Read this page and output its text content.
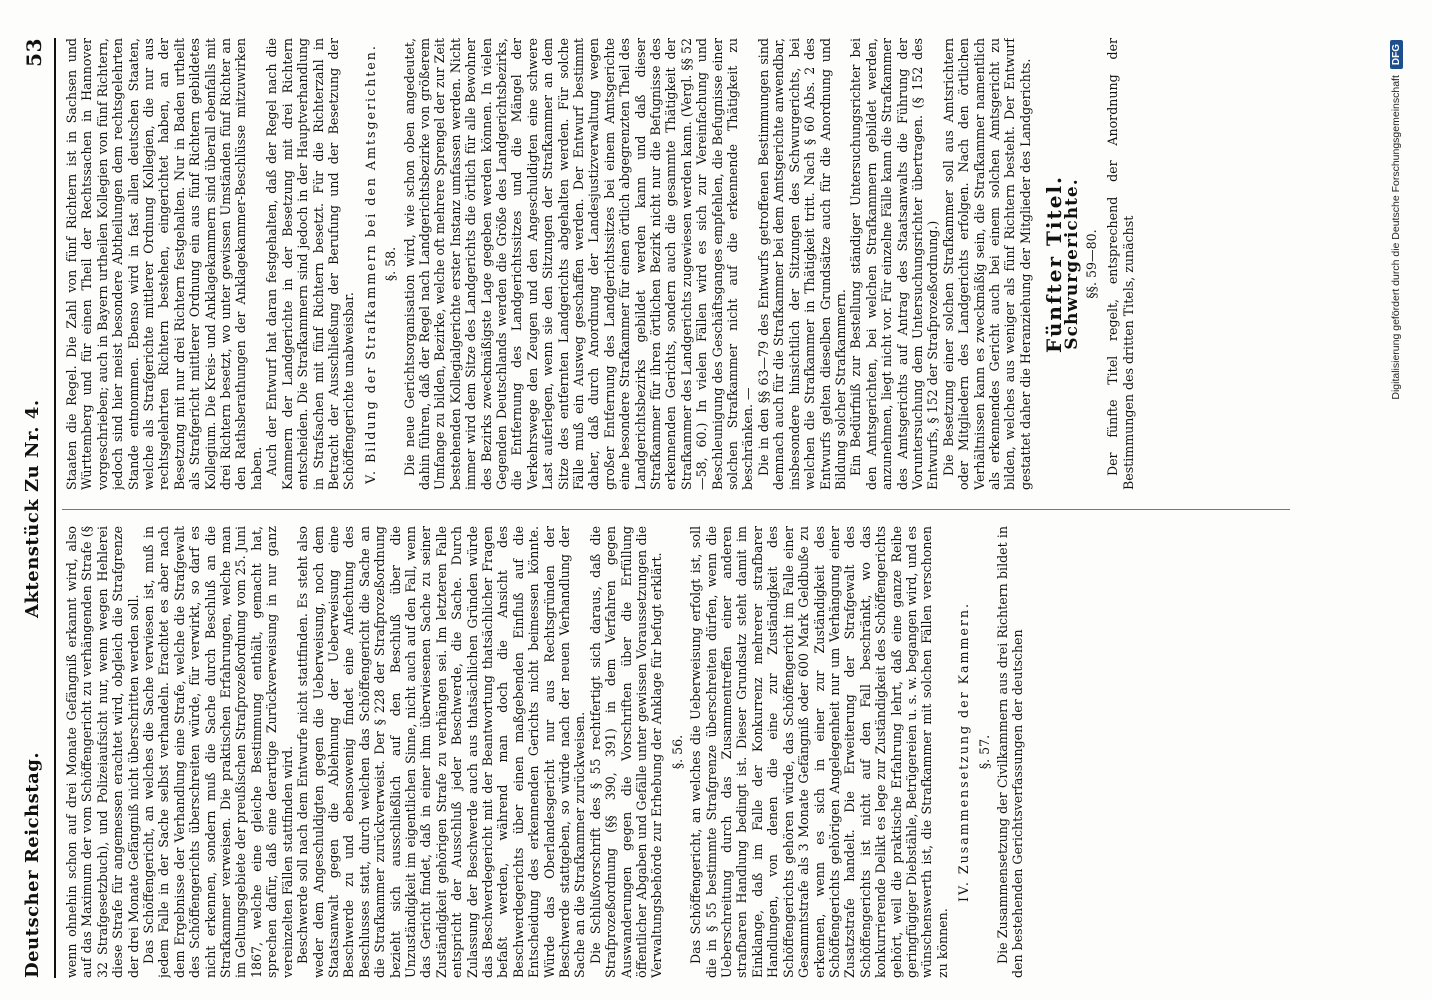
Deutscher Reichstag.
Aktenstück Zu Nr. 4.
53

wenn ohnehin schon auf drei Monate Gefängniß erkannt wird, also auf das Maximum der vom Schöffengericht zu verhängenden Strafe (§ 32 Strafgesetzbuch), und Polizeiaufsicht nur, wenn wegen Hehlerei diese Strafe für angemessen erachtet wird, obgleich die Strafgrenze der drei Monate Gefängniß nicht überschritten werden soll. Das Schöffengericht, an welches die Sache verwiesen ist, muß in jedem Falle in der Sache selbst verhandeln. Erachtet es aber nach dem Ergebnisse der Verhandlung eine Strafe, welche die Strafgewalt des Schöffengerichts überschreiten würde, für verwirkt, so darf es nicht erkennen, sondern muß die Sache durch Beschluß an die Strafkammer verweisen. Die praktischen Erfahrungen, welche man im Geltungsgebiete der preußischen Strafprozeßordnung vom 25. Juni 1867, welche eine gleiche Bestimmung enthält, gemacht hat, sprechen dafür, daß eine derartige Zurückverweisung in nur ganz vereinzelten Fällen stattfinden wird. Beschwerde soll nach dem Entwurfe nicht stattfinden. Es steht also weder dem Angeschuldigten gegen die Ueberweisung, noch dem Staatsanwalt gegen die Ablehnung der Ueberweisung eine Beschwerde zu und ebensowenig findet eine Anfechtung des Beschlusses statt, durch welchen das Schöffengericht die Sache an die Strafkammer zurückverweist. Der § 228 der Strafprozeßordnung bezieht sich ausschließlich auf den Beschluß über die Unzuständigkeit im eigentlichen Sinne, nicht auch auf den Fall, wenn das Gericht findet, daß in einer ihm überwiesenen Sache zu seiner Zuständigkeit gehörigen Strafe zu verhängen sei. Im letzteren Falle entspricht der Ausschluß jeder Beschwerde, die Sache. Durch Zulassung der Beschwerde auch aus thatsächlichen Gründen würde das Beschwerdegericht mit der Beantwortung thatsächlicher Fragen befaßt werden, während man doch die Ansicht des Beschwerdegerichts über einen maßgebenden Einfluß auf die Entscheidung des erkennenden Gerichts nicht beimessen könnte. Würde das Oberlandesgericht nur aus Rechtsgründen der Beschwerde stattgeben, so würde nach der neuen Verhandlung der Sache an die Strafkammer zurückweisen. Die Schlußvorschrift des § 55 rechtfertigt sich daraus, daß die Strafprozeßordnung (§§ 390, 391) in dem Verfahren gegen Auswanderungen gegen die Vorschriften über die Erfüllung öffentlicher Abgaben und Gefälle unter gewissen Voraussetzungen die Verwaltungsbehörde zur Erhebung der Anklage für befugt erklärt. §. 56. Das Schöffengericht, an welches die Ueberweisung erfolgt ist, soll die in § 55 bestimmte Strafgrenze überschreiten dürfen, wenn die Ueberschreitung durch das Zusammentreffen einer anderen strafbaren Handlung bedingt ist. Dieser Grundsatz steht damit im Einklange, daß im Falle der Konkurrenz mehrerer strafbarer Handlungen, von denen die eine zur Zuständigkeit des Schöffengerichts gehören würde, das Schöffengericht im Falle einer Gesammtstrafe als 3 Monate Gefängniß oder 600 Mark Geldbuße zu erkennen, wenn es sich in einer zur Zuständigkeit des Schöffengerichts gehörigen Angelegenheit nur um Verhängung einer Zusatzstrafe handelt. Die Erweiterung der Strafgewalt des Schöffengerichts ist nicht auf den Fall beschränkt, wo das konkurrierende Delikt es lege zur Zuständigkeit des Schöffengerichts gehört, weil die praktische Erfahrung lehrt, daß eine ganze Reihe geringfügiger Diebstähle, Betrügereien u. s. w. begangen wird, und es wünschenswerth ist, die Strafkammer mit solchen Fällen verschonen zu können.

IV. Zusammensetzung der Kammern. §. 57. Die Zusammensetzung der Civilkammern aus drei Richtern bildet in den bestehenden Gerichtsverfassungen der deutschen

Staaten die Regel. Die Zahl von fünf Richtern ist in Sachsen und Württemberg und für einen Theil der Rechtssachen in Hannover vorgeschrieben; auch in Bayern urtheilen Kollegien von fünf Richtern, jedoch sind hier meist besondere Abtheilungen dem rechtsgelehrten Stande entnommen. Ebenso wird in fast allen deutschen Staaten, welche als Strafgerichte mittlerer Ordnung Kollegien, die nur aus rechtsgelehrten Richtern bestehen, eingerichtet haben, an der Besetzung mit nur drei Richtern festgehalten. Nur in Baden urtheilt als Strafgericht mittlerer Ordnung ein aus fünf Richtern gebildetes Kollegium. Die Kreis- und Anklagekammern sind überall ebenfalls mit drei Richtern besetzt, wo unter gewissen Umständen fünf Richter an den Rathsberathungen der Anklagekammer-Beschlüsse mitzuwirken haben. Auch der Entwurf hat daran festgehalten, daß der Regel nach die Kammern der Landgerichte in der Besetzung mit drei Richtern entscheiden. Die Strafkammern sind jedoch in der Hauptverhandlung in Strafsachen mit fünf Richtern besetzt. Für die Richterzahl in Betracht der Ausschließung der Berufung und der Besetzung der Schöffengerichte unabweisbar. V. Bildung der Strafkammern bei den Amtsgerichten. §. 58. Die neue Gerichtsorganisation wird, wie schon oben angedeutet, dahin führen, daß der Regel nach Landgerichtsbezirke von größerem Umfange zu bilden, Bezirke, welche oft mehrere Sprengel der zur Zeit bestehenden Kollegialgerichte erster Instanz umfassen werden. Nicht immer wird dem Sitze des Landgerichts die örtlich für alle Bewohner des Bezirks zweckmäßigste Lage gegeben werden können. In vielen Gegenden Deutschlands werden die Größe des Landgerichtsbezirks, die Entfernung des Landgerichtssitzes und die Mängel der Verkehrswege den Zeugen und den Angeschuldigten eine schwere Last auferlegen, wenn sie den Sitzungen der Strafkammer an dem Sitze des entfernten Landgerichts abgehalten werden. Für solche Fälle muß ein Ausweg geschaffen werden. Der Entwurf bestimmt daher, daß durch Anordnung der Landesjustizverwaltung wegen großer Entfernung des Landgerichtssitzes bei einem Amtsgerichte eine besondere Strafkammer für einen örtlich abgegrenzten Theil des Landgerichtsbezirks gebildet werden kann und daß dieser Strafkammer für ihren örtlichen Bezirk nicht nur die Befugnisse des erkennenden Gerichts, sondern auch die gesammte Thätigkeit der Strafkammer des Landgerichts zugewiesen werden kann. (Vergl. §§ 52—58, 60.) In vielen Fällen wird es sich zur Vereinfachung und Beschleunigung des Geschäftsganges empfehlen, die Befugnisse einer solchen Strafkammer nicht auf die erkennende Thätigkeit zu beschränken. — Die in den §§ 63—79 des Entwurfs getroffenen Bestimmungen sind demnach auch für die Strafkammer bei dem Amtsgerichte anwendbar, insbesondere hinsichtlich der Sitzungen des Schwurgerichts, bei welchen die Strafkammer in Thätigkeit tritt. Nach § 60 Abs. 2 des Entwurfs gelten dieselben Grundsätze auch für die Anordnung und Bildung solcher Strafkammern. Ein Bedürfniß zur Bestellung ständiger Untersuchungsrichter bei den Amtsgerichten, bei welchen Strafkammern gebildet werden, anzunehmen, liegt nicht vor. Für einzelne Fälle kann die Strafkammer des Amtsgerichts auf Antrag des Staatsanwalts die Führung der Voruntersuchung dem Untersuchungsrichter übertragen. (§ 152 des Entwurfs, § 152 der Strafprozeßordnung.) Die Besetzung einer solchen Strafkammer soll aus Amtsrichtern oder Mitgliedern des Landgerichts erfolgen. Nach den örtlichen Verhältnissen kann es zweckmäßig sein, die Strafkammer namentlich als erkennendes Gericht auch bei einem solchen Amtsgericht zu bilden, welches aus weniger als fünf Richtern besteht. Der Entwurf gestattet daher die Heranziehung der Mitglieder des Landgerichts. Fünfter Titel.
Schwurgerichte. §§. 59—80. Der fünfte Titel regelt, entsprechend der Anordnung der Bestimmungen des dritten Titels, zunächst	Digitalisierung gefördert durch die Deutsche ForschungsgemeinschaftDFG
